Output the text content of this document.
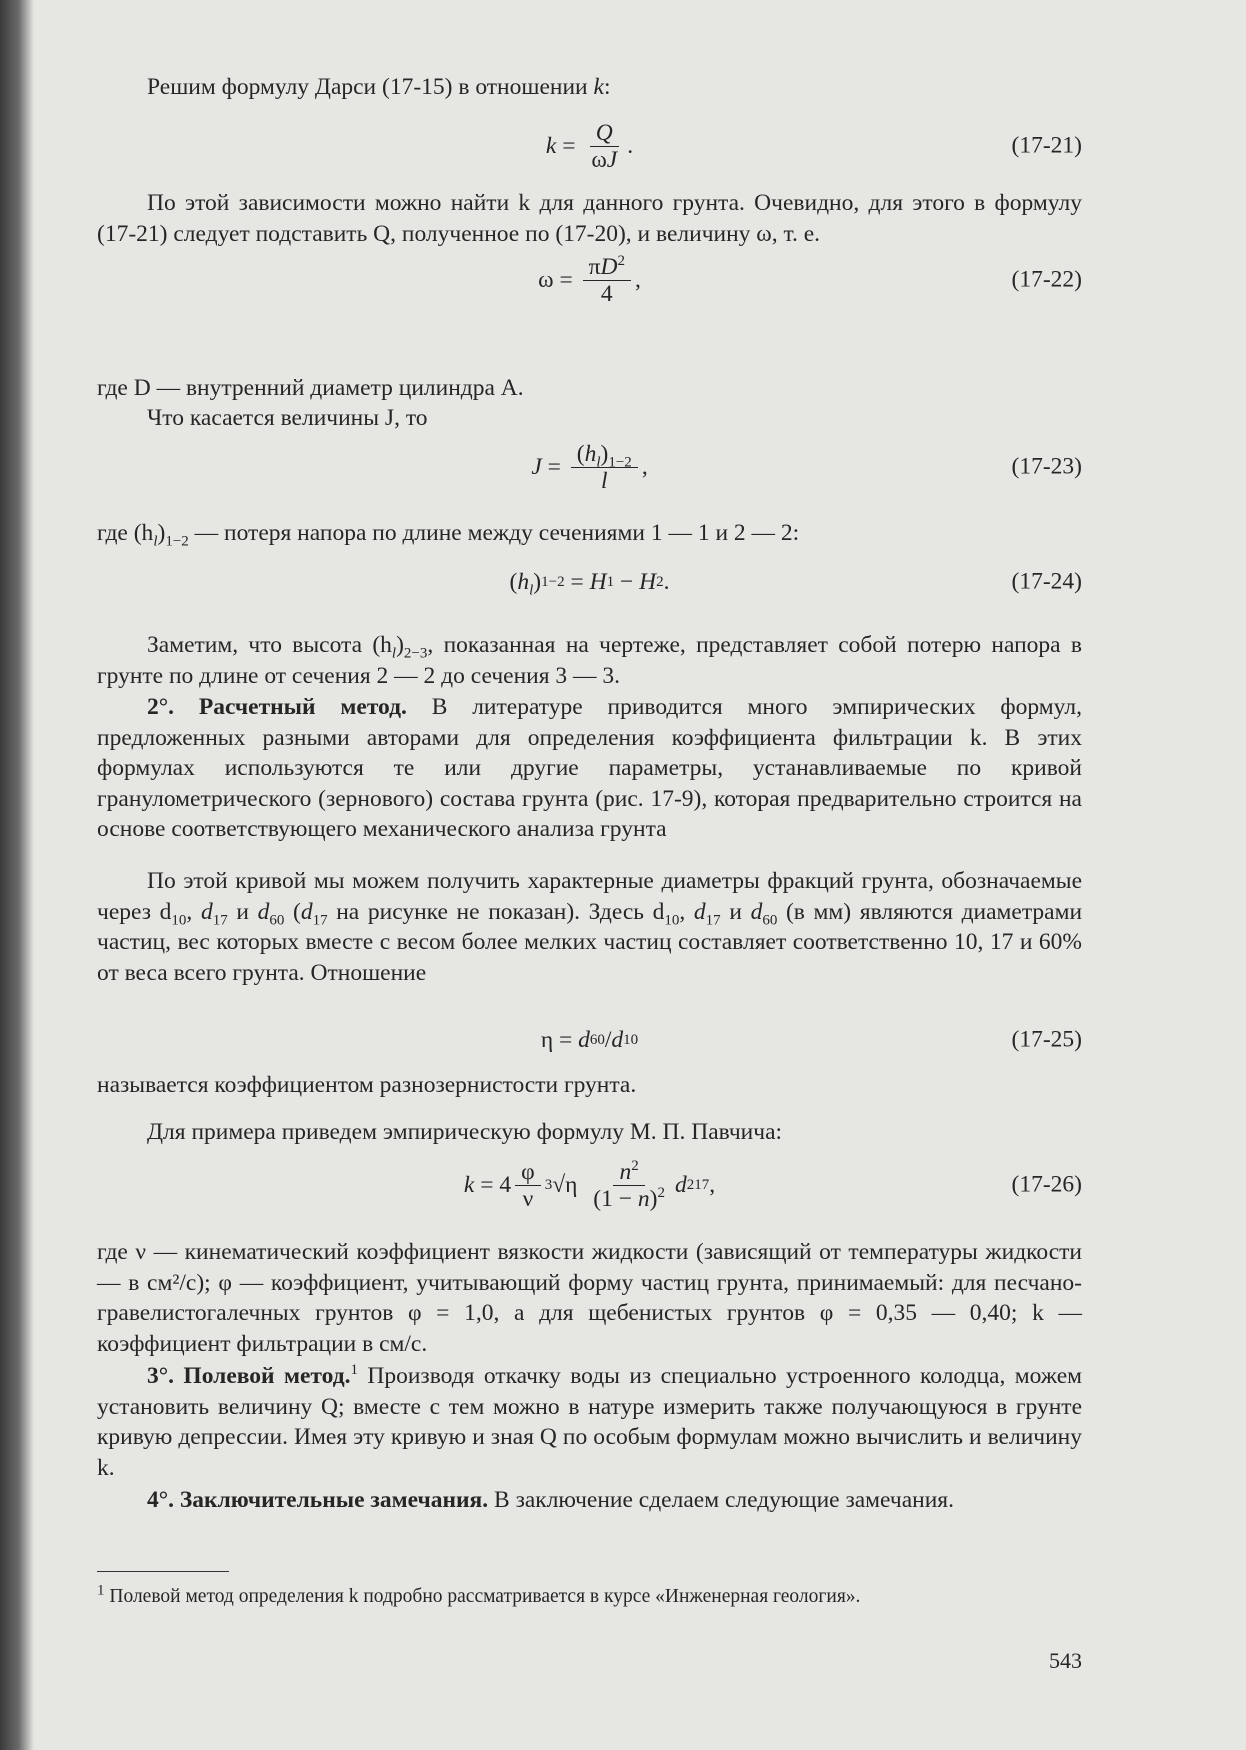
Решим формулу Дарси (17-15) в отношении k:

$k = \frac{Q}{\omega J}$ .	(17-21)

По этой зависимости можно найти k для данного грунта. Очевидно, для этого в формулу (17-21) следует подставить Q, полученное по (17-20), и величину ω, т. е.

$\omega = \frac{\pi D^2}{4}$ ,	(17-22)

где D — внутренний диаметр цилиндра A.

Что касается величины J, то

$J = \frac{(h_l)_{1-2}}{l}$ ,	(17-23)

где $(h_l)_{1-2}$ — потеря напора по длине между сечениями 1 — 1 и 2 — 2:

( $h_l$ ) 1−2 = H 1 − H 2 .	(17-24)

Заметим, что высота $(h_l)_{2-3}$, показанная на чертеже, представляет собой потерю напора в грунте по длине от сечения 2 — 2 до сечения 3 — 3.

2°. Расчетный метод. В литературе приводится много эмпирических формул, предложенных разными авторами для определения коэффициента фильтрации k. В этих формулах используются те или другие параметры, устанавливаемые по кривой гранулометрического (зернового) состава грунта (рис. 17-9), которая предварительно строится на основе соответствующего механического анализа грунта

По этой кривой мы можем получить характерные диаметры фракций грунта, обозначаемые через $d_{10}$, $d_{17}$ и $d_{60}$ ($d_{17}$ на рисунке не показан). Здесь $d_{10}$, $d_{17}$ и $d_{60}$ (в мм) являются диаметрами частиц, вес которых вместе с весом более мелких частиц составляет соответственно 10, 17 и 60% от веса всего грунта. Отношение

η = d 60 / d 10	(17-25)

называется коэффициентом разнозернистости грунта.

Для примера приведем эмпирическую формулу М. П. Павчича:

$k = 4 \frac{\varphi}{\nu} 3$ $√\eta \frac{n^2}{(1 - n)^2}$ d 2 17 ,	(17-26)

где ν — кинематический коэффициент вязкости жидкости (зависящий от температуры жидкости — в см²/с); φ — коэффициент, учитывающий форму частиц грунта, принимаемый: для песчано-гравелистогалечных грунтов φ = 1,0, а для щебенистых грунтов φ = 0,35 — 0,40; k — коэффициент фильтрации в см/с.

3°. Полевой метод.$^1$ Производя откачку воды из специально устроенного колодца, можем установить величину Q; вместе с тем можно в натуре измерить также получающуюся в грунте кривую депрессии. Имея эту кривую и зная Q по особым формулам можно вычислить и величину k.

4°. Заключительные замечания. В заключение сделаем следующие замечания.

$^1$ Полевой метод определения k подробно рассматривается в курсе «Инженерная геология».

543
